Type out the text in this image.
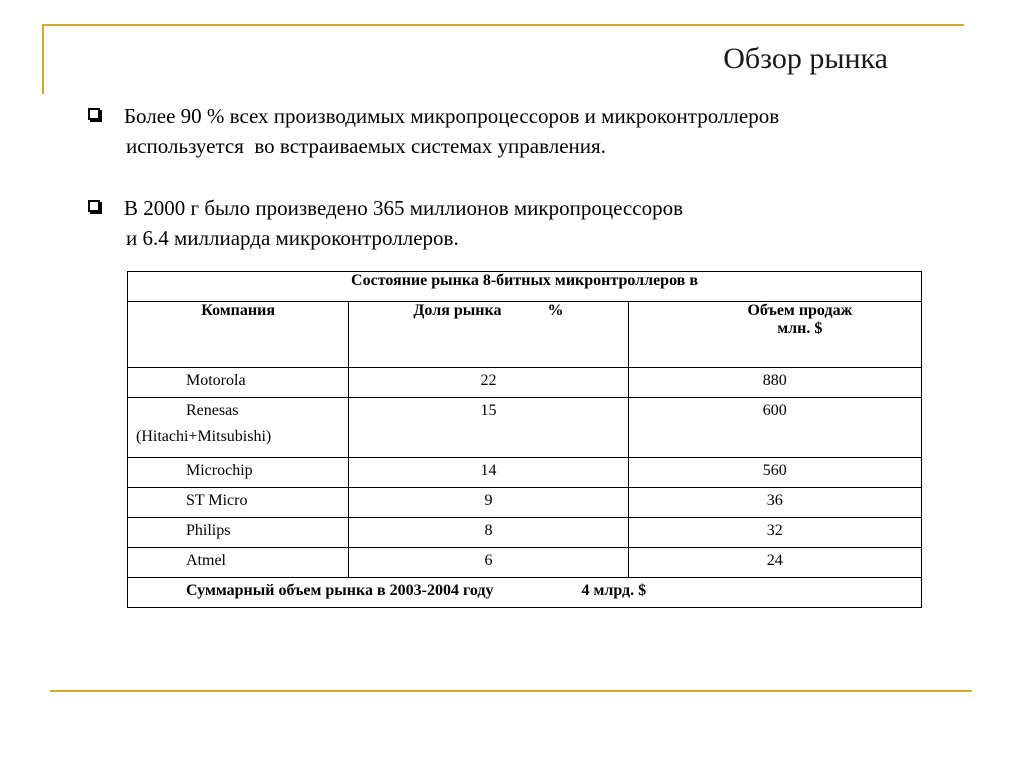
Обзор рынка
Более 90 % всех производимых микропроцессоров и микроконтроллеров
используется  во встраиваемых системах управления.
В 2000 г было произведено 365 миллионов микропроцессоров
и 6.4 миллиарда микроконтроллеров.
Состояние рынка 8-битных микронтроллеров в		
Компания	Доля рынка %	Объем продаж
млн. $

Motorola	22	880
Renesas
(Hitachi+Mitsubishi)	15	600
Microchip	14	560
ST Micro	9	36
Philips	8	32
Atmel	6	24
Суммарный объем рынка в 2003-2004 году 4 млрд. $		
